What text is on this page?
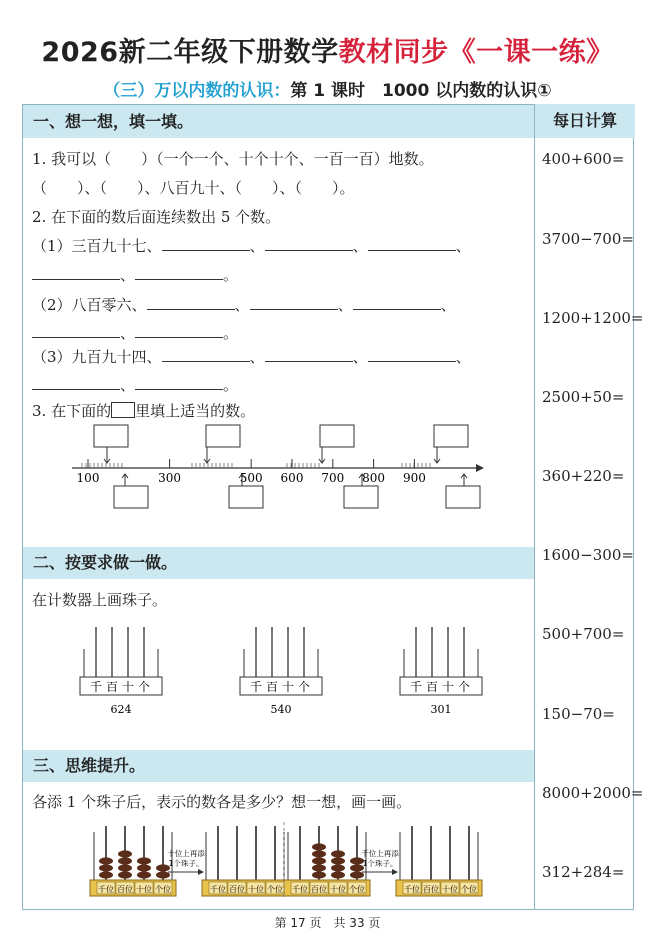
2026新二年级下册数学教材同步《一课一练》
（三）万以内数的认识：第 1 课时　1000 以内数的认识①
每日计算
400+600=
3700−700=
1200+1200=
2500+50=
360+220=
1600−300=
500+700=
150−70=
8000+2000=
312+284=
一、想一想，填一填。
1. 我可以（　　）（一个一个、十个十个、一百一百）地数。
（　　）、（　　）、八百九十、（　　）、（　　）。
2. 在下面的数后面连续数出 5 个数。
（1）三百九十七、	、	、	、
、	。
（2）八百零六、	、	、	、
、	。
（3）九百九十四、	、	、	、
、	。
3. 在下面的 里填上适当的数。
100	300	500 600 700 800 900
二、按要求做一做。
在计数器上画珠子。
千 百 十 个
624
千 百 十 个
540
千 百 十 个
301
三、思维提升。
各添 1 个珠子后，表示的数各是多少？想一想，画一画。
千位 百位 十位 个位	千位 百位 十位 个位 千位 百位 十位 个位	千位 百位 十位 个位
十位上再添
1个珠子。
千位上再添
1个珠子。
第 17 页　共 33 页
